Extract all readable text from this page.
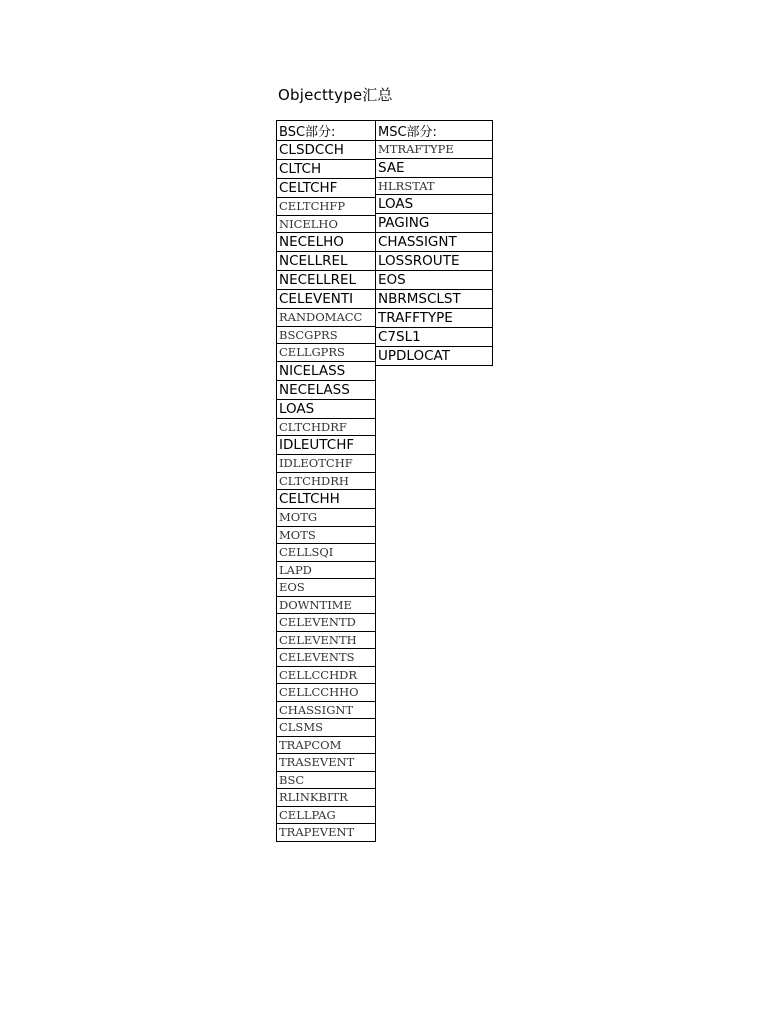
Objecttype汇总
BSC部分:
CLSDCCH
CLTCH
CELTCHF
CELTCHFP
NICELHO
NECELHO
NCELLREL
NECELLREL
CELEVENTI
RANDOMACC
BSCGPRS
CELLGPRS
NICELASS
NECELASS
LOAS
CLTCHDRF
IDLEUTCHF
IDLEOTCHF
CLTCHDRH
CELTCHH
MOTG
MOTS
CELLSQI
LAPD
EOS
DOWNTIME
CELEVENTD
CELEVENTH
CELEVENTS
CELLCCHDR
CELLCCHHO
CHASSIGNT
CLSMS
TRAPCOM
TRASEVENT
BSC
RLINKBITR
CELLPAG
TRAPEVENT
MSC部分:
MTRAFTYPE
SAE
HLRSTAT
LOAS
PAGING
CHASSIGNT
LOSSROUTE
EOS
NBRMSCLST
TRAFFTYPE
C7SL1
UPDLOCAT
